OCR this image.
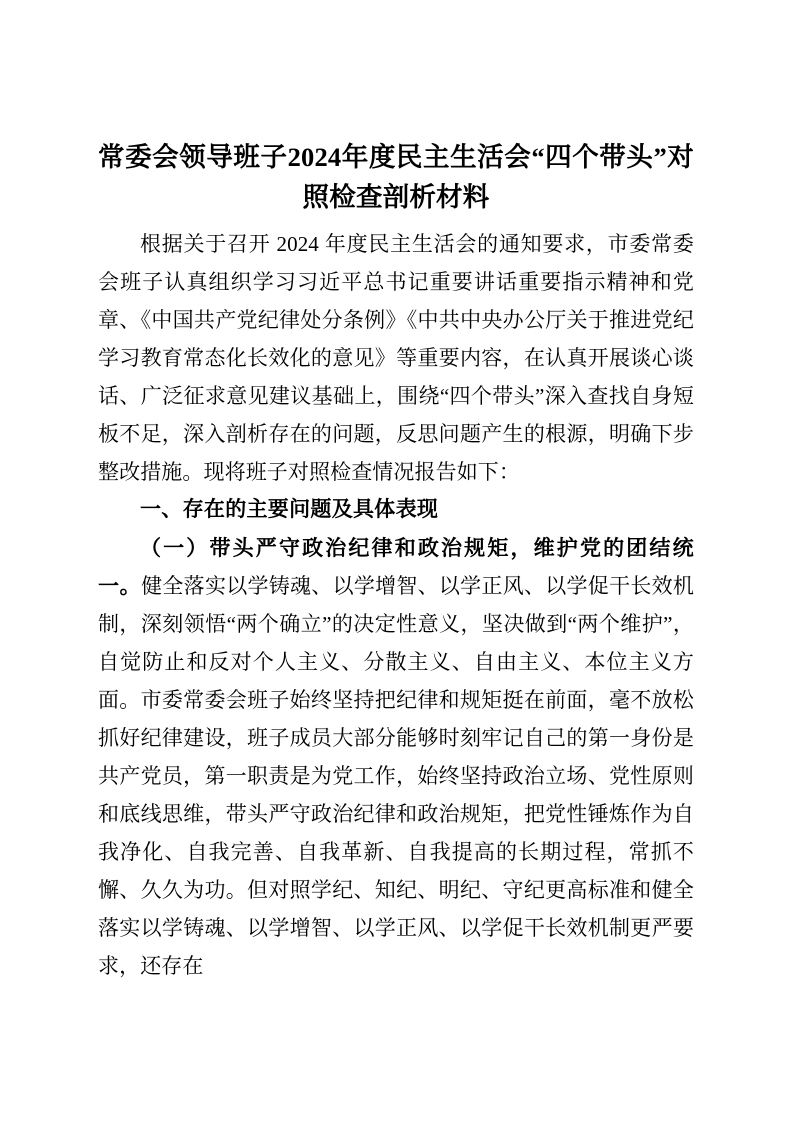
常委会领导班子2024年度民主生活会“四个带头”对照检查剖析材料

根据关于召开 2024 年度民主生活会的通知要求，市委常委会班子认真组织学习习近平总书记重要讲话重要指示精神和党章、《中国共产党纪律处分条例》《中共中央办公厅关于推进党纪学习教育常态化长效化的意见》等重要内容，在认真开展谈心谈话、广泛征求意见建议基础上，围绕“四个带头”深入查找自身短板不足，深入剖析存在的问题，反思问题产生的根源，明确下步整改措施。现将班子对照检查情况报告如下：

一、存在的主要问题及具体表现

（一）带头严守政治纪律和政治规矩，维护党的团结统一。健全落实以学铸魂、以学增智、以学正风、以学促干长效机制，深刻领悟“两个确立”的决定性意义，坚决做到“两个维护”，自觉防止和反对个人主义、分散主义、自由主义、本位主义方面。市委常委会班子始终坚持把纪律和规矩挺在前面，毫不放松抓好纪律建设，班子成员大部分能够时刻牢记自己的第一身份是共产党员，第一职责是为党工作，始终坚持政治立场、党性原则和底线思维，带头严守政治纪律和政治规矩，把党性锤炼作为自我净化、自我完善、自我革新、自我提高的长期过程，常抓不懈、久久为功。但对照学纪、知纪、明纪、守纪更高标准和健全落实以学铸魂、以学增智、以学正风、以学促干长效机制更严要求，还存在
